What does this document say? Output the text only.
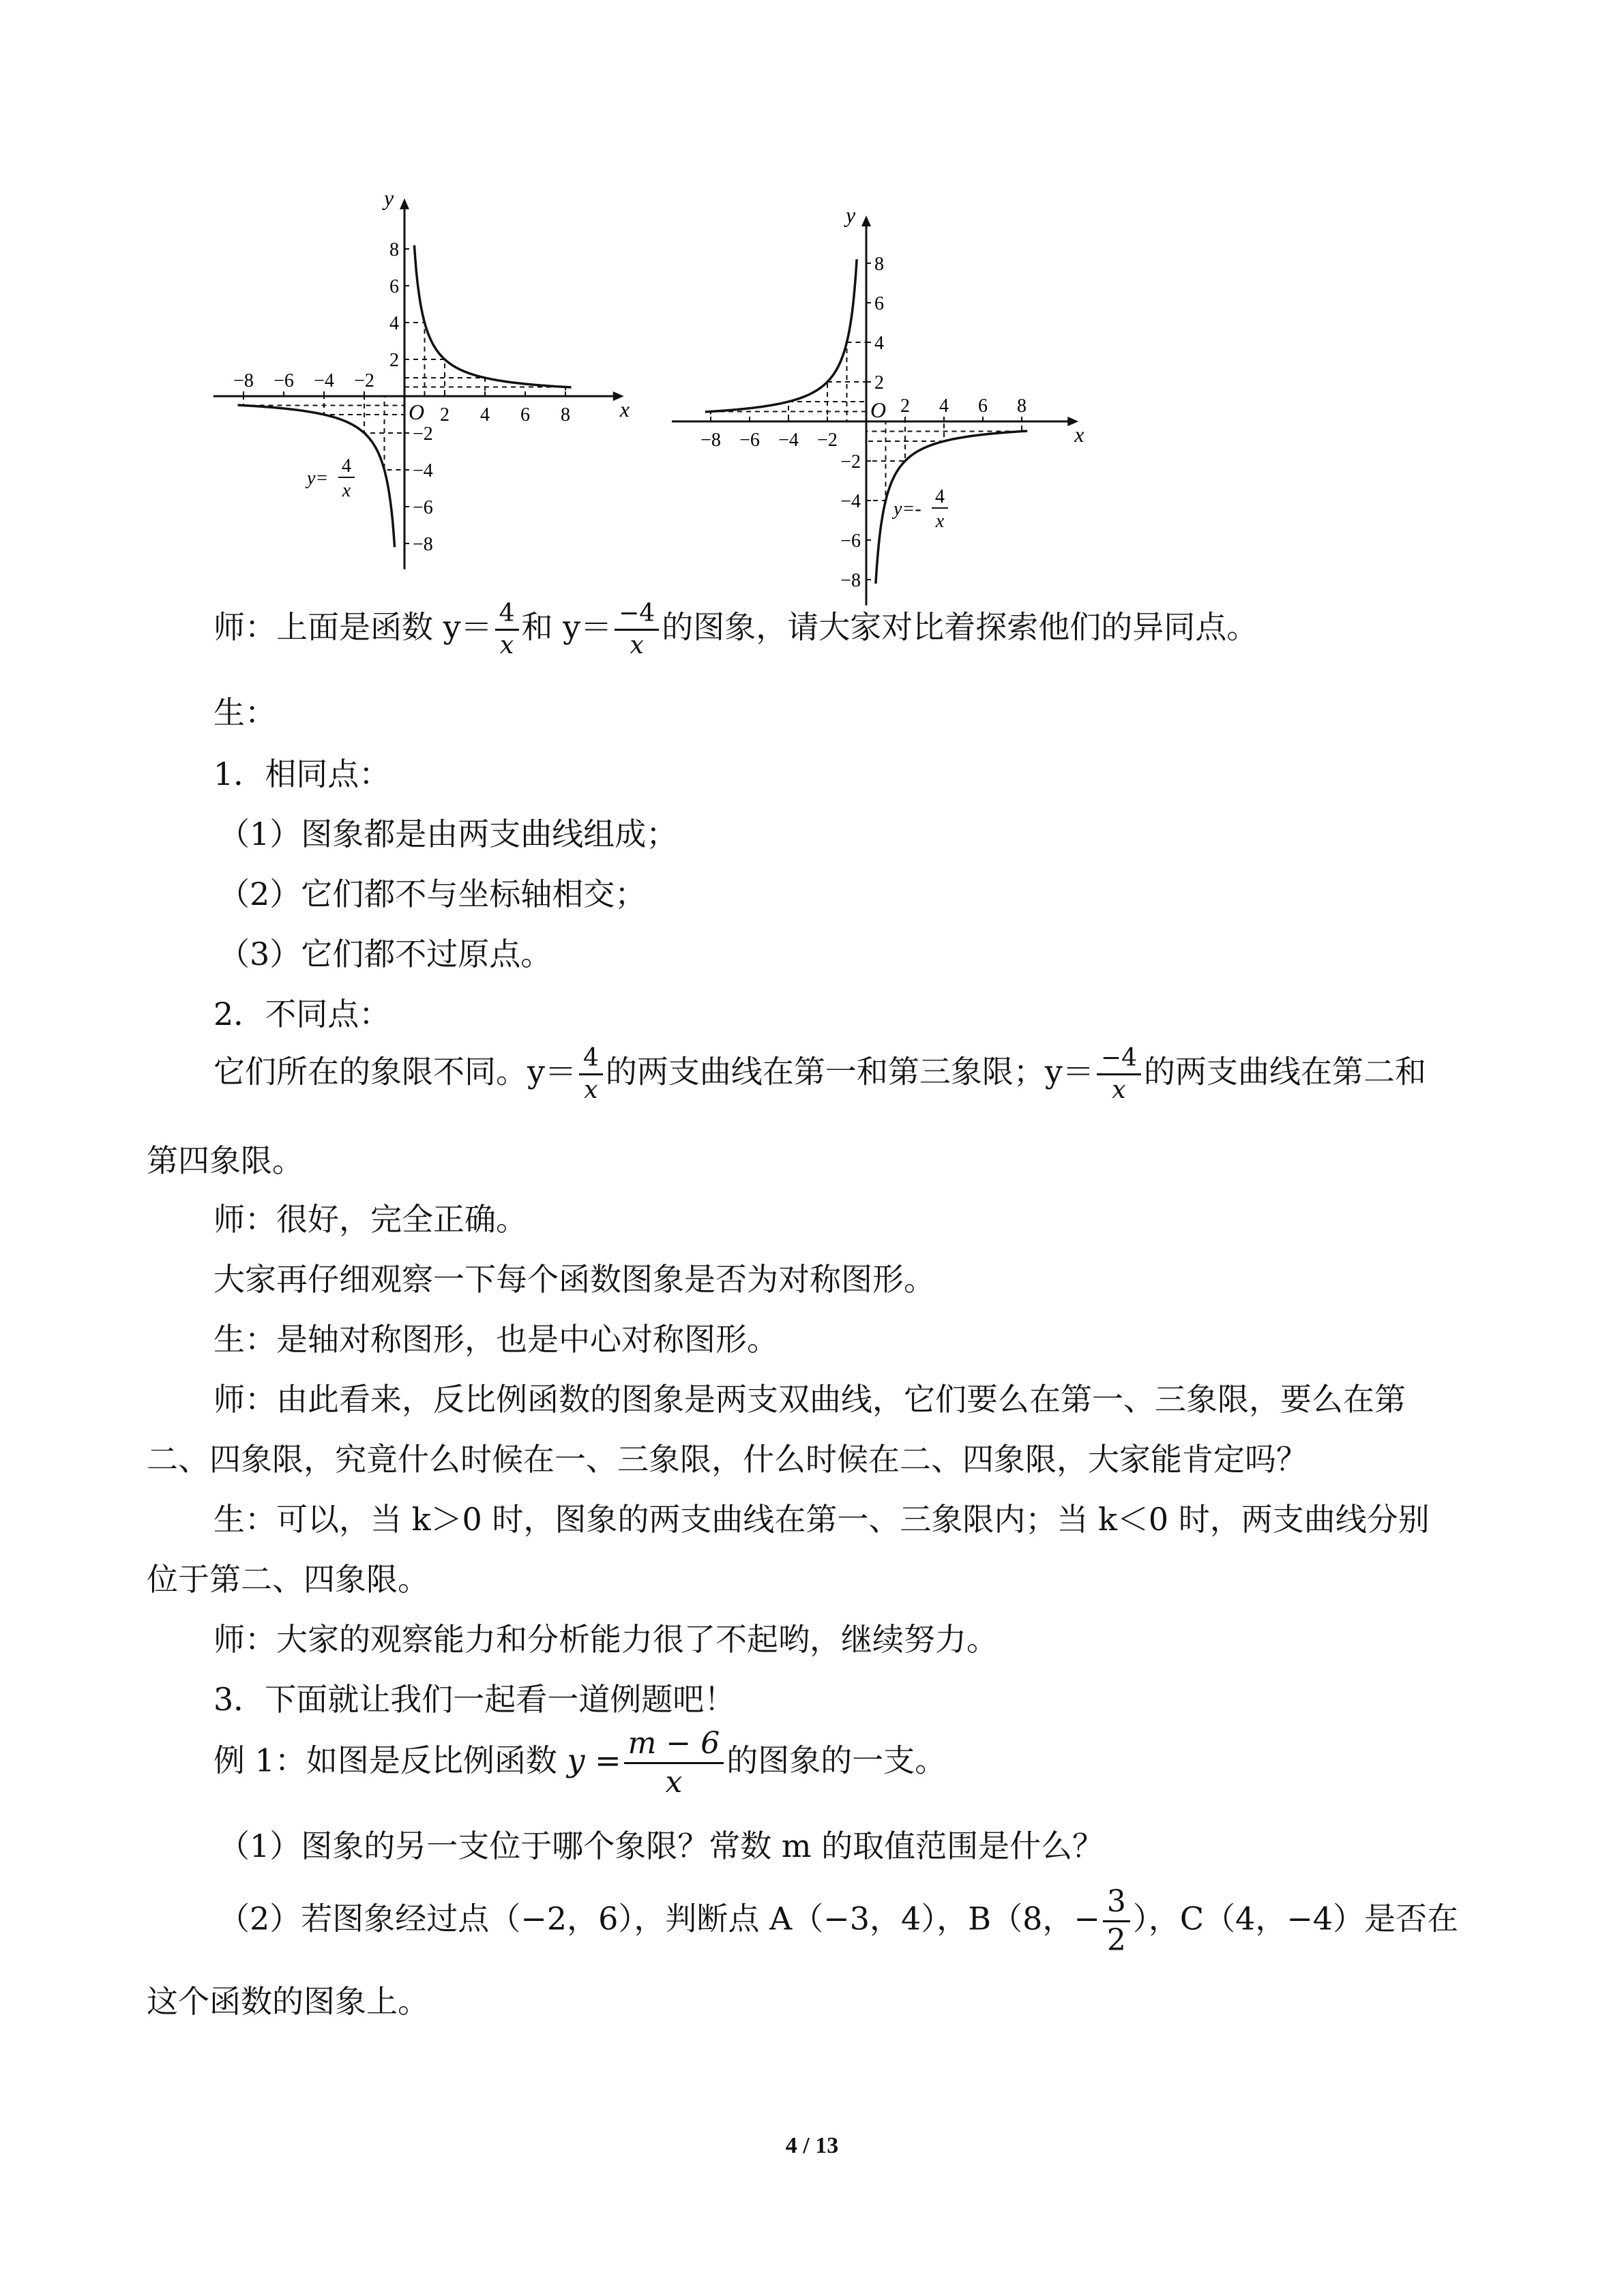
x
y
O
−8 −6 −4 −2
2 4 6 8
8
6
4
2
−2
−4
−6
−8
y=
4
x
x
y
O
−8 −6 −4 −2
2 4 6 8
8
6
4
2
−2
−4
−6
−8
y=-
4
x
师：上面是函数 $y= \frac{4}{x}$ 和 $y= \frac{-4}{x}$ 的图象，请大家对比着探索他们的异同点。
生：
1．相同点：
（1）图象都是由两支曲线组成；
（2）它们都不与坐标轴相交；
（3）它们都不过原点。
2．不同点：
它们所在的象限不同。$y= \frac{4}{x}$ 的两支曲线在第一和第三象限；$y= \frac{-4}{x}$ 的两支曲线在第二和
第四象限。
师：很好，完全正确。
大家再仔细观察一下每个函数图象是否为对称图形。
生：是轴对称图形，也是中心对称图形。
师：由此看来，反比例函数的图象是两支双曲线，它们要么在第一、三象限，要么在第
二、四象限，究竟什么时候在一、三象限，什么时候在二、四象限，大家能肯定吗？
生：可以，当 k＞0 时，图象的两支曲线在第一、三象限内；当 k＜0 时，两支曲线分别
位于第二、四象限。
师：大家的观察能力和分析能力很了不起哟，继续努力。
3．下面就让我们一起看一道例题吧！
例 1：如图是反比例函数 $y = \frac{m - 6}{x}$ 的图象的一支。
（1）图象的另一支位于哪个象限？常数 m 的取值范围是什么？
（2）若图象经过点（−2，6），判断点 A（−3，4），B（8，− $\frac{3}{2}$ ），C（4，−4）是否在
这个函数的图象上。
4 / 13
